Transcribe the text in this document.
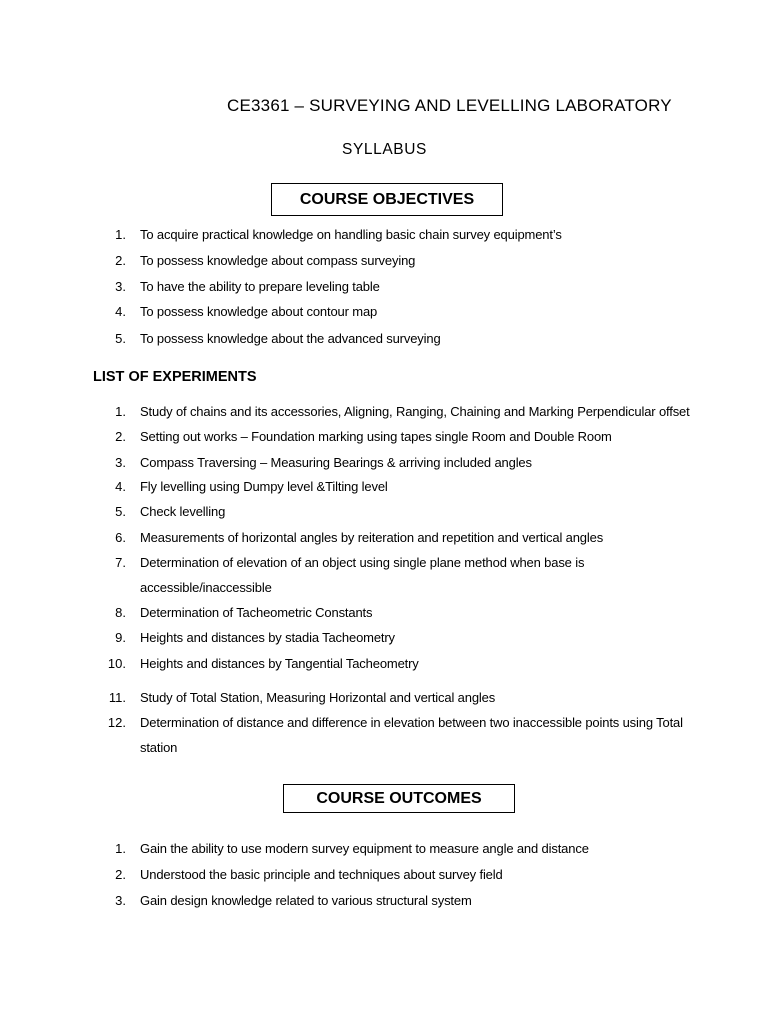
CE3361 – SURVEYING AND LEVELLING LABORATORY
SYLLABUS
COURSE OBJECTIVES
1. To acquire practical knowledge on handling basic chain survey equipment’s
2. To possess knowledge about compass surveying
3. To have the ability to prepare leveling table
4. To possess knowledge about contour map
5. To possess knowledge about the advanced surveying
LIST OF EXPERIMENTS
1. Study of chains and its accessories, Aligning, Ranging, Chaining and Marking Perpendicular offset
2. Setting out works – Foundation marking using tapes single Room and Double Room
3. Compass Traversing – Measuring Bearings & arriving included angles
4. Fly levelling using Dumpy level &Tilting level
5. Check levelling
6. Measurements of horizontal angles by reiteration and repetition and vertical angles
7. Determination of elevation of an object using single plane method when base is
accessible/inaccessible
8. Determination of Tacheometric Constants
9. Heights and distances by stadia Tacheometry
10. Heights and distances by Tangential Tacheometry
11. Study of Total Station, Measuring Horizontal and vertical angles
12. Determination of distance and difference in elevation between two inaccessible points using Total
station
COURSE OUTCOMES
1. Gain the ability to use modern survey equipment to measure angle and distance
2. Understood the basic principle and techniques about survey field
3. Gain design knowledge related to various structural system
